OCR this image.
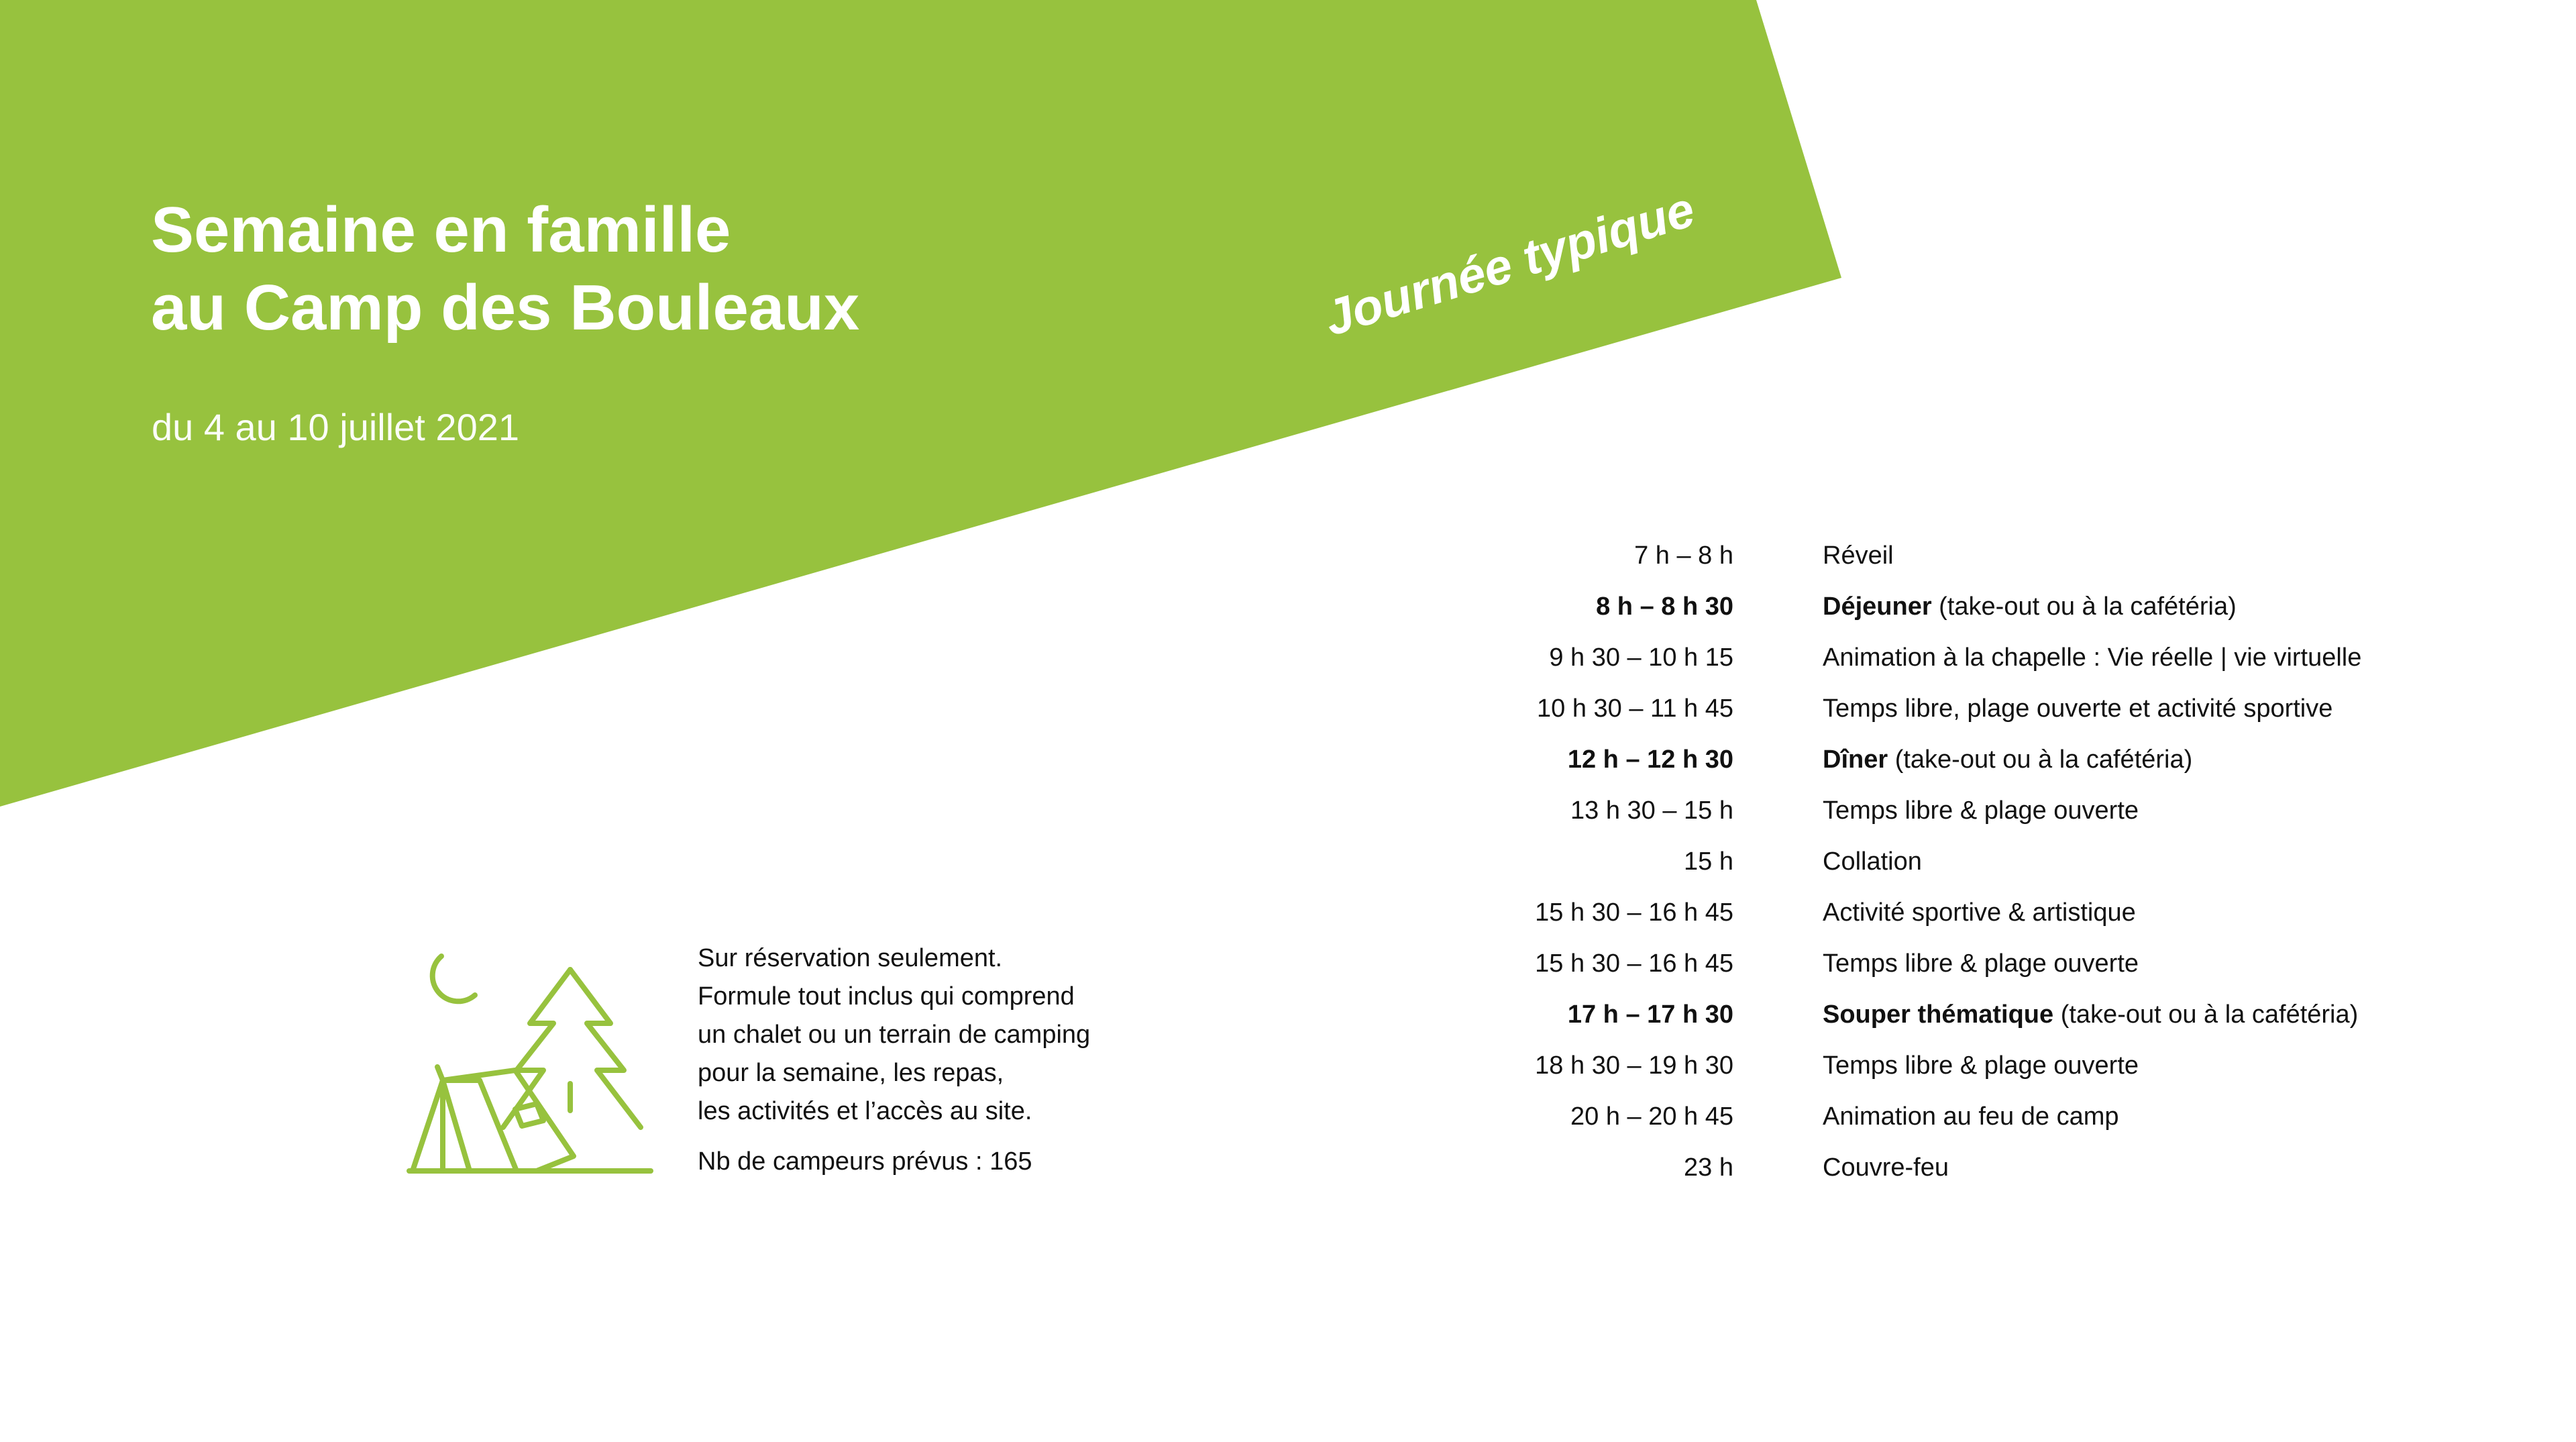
Semaine en famille
au Camp des Bouleaux
du 4 au 10 juillet 2021
Journée typique
Sur réservation seulement.
Formule tout inclus qui comprend
un chalet ou un terrain de camping
pour la semaine, les repas,
les activités et l’accès au site.
Nb de campeurs prévus : 165
7 h – 8 h	Réveil
8 h – 8 h 30	Déjeuner (take-out ou à la cafétéria)
9 h 30 – 10 h 15	Animation à la chapelle : Vie réelle | vie virtuelle
10 h 30 – 11 h 45	Temps libre, plage ouverte et activité sportive
12 h – 12 h 30	Dîner (take-out ou à la cafétéria)
13 h 30 – 15 h	Temps libre & plage ouverte
15 h	Collation
15 h 30 – 16 h 45	Activité sportive & artistique
15 h 30 – 16 h 45	Temps libre & plage ouverte
17 h – 17 h 30	Souper thématique (take-out ou à la cafétéria)
18 h 30 – 19 h 30	Temps libre & plage ouverte
20 h – 20 h 45	Animation au feu de camp
23 h	Couvre-feu
